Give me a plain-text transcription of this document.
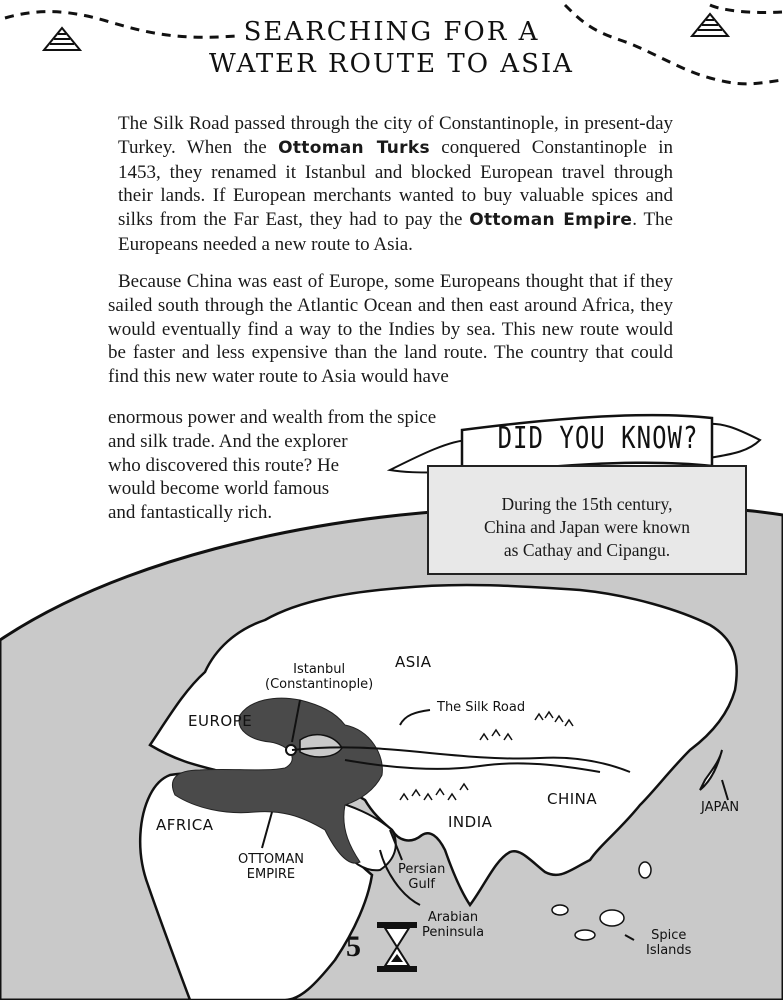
SEARCHING FOR A
WATER ROUTE TO ASIA

The Silk Road passed through the city of Constantinople, in present-day Turkey. When the Ottoman Turks conquered Constantinople in 1453, they renamed it Istanbul and blocked European travel through their lands. If European merchants wanted to buy valuable spices and silks from the Far East, they had to pay the Ottoman Empire. The Europeans needed a new route to Asia.

Because China was east of Europe, some Europeans thought that if they sailed south through the Atlantic Ocean and then east around Africa, they would eventually find a way to the Indies by sea. This new route would be faster and less expensive than the land route. The country that could find this new water route to Asia would have

enormous power and wealth from the spice
and silk trade. And the explorer
who discovered this route? He
would become world famous
and fantastically rich.

DID YOU KNOW?
During the 15th century,
China and Japan were known
as Cathay and Cipangu.
ASIA
EUROPE
AFRICA
CHINA
INDIA
JAPAN
Istanbul
(Constantinople)
The Silk Road
OTTOMAN
EMPIRE	Persian
Gulf
Arabian
Peninsula	Spice
Islands
5
